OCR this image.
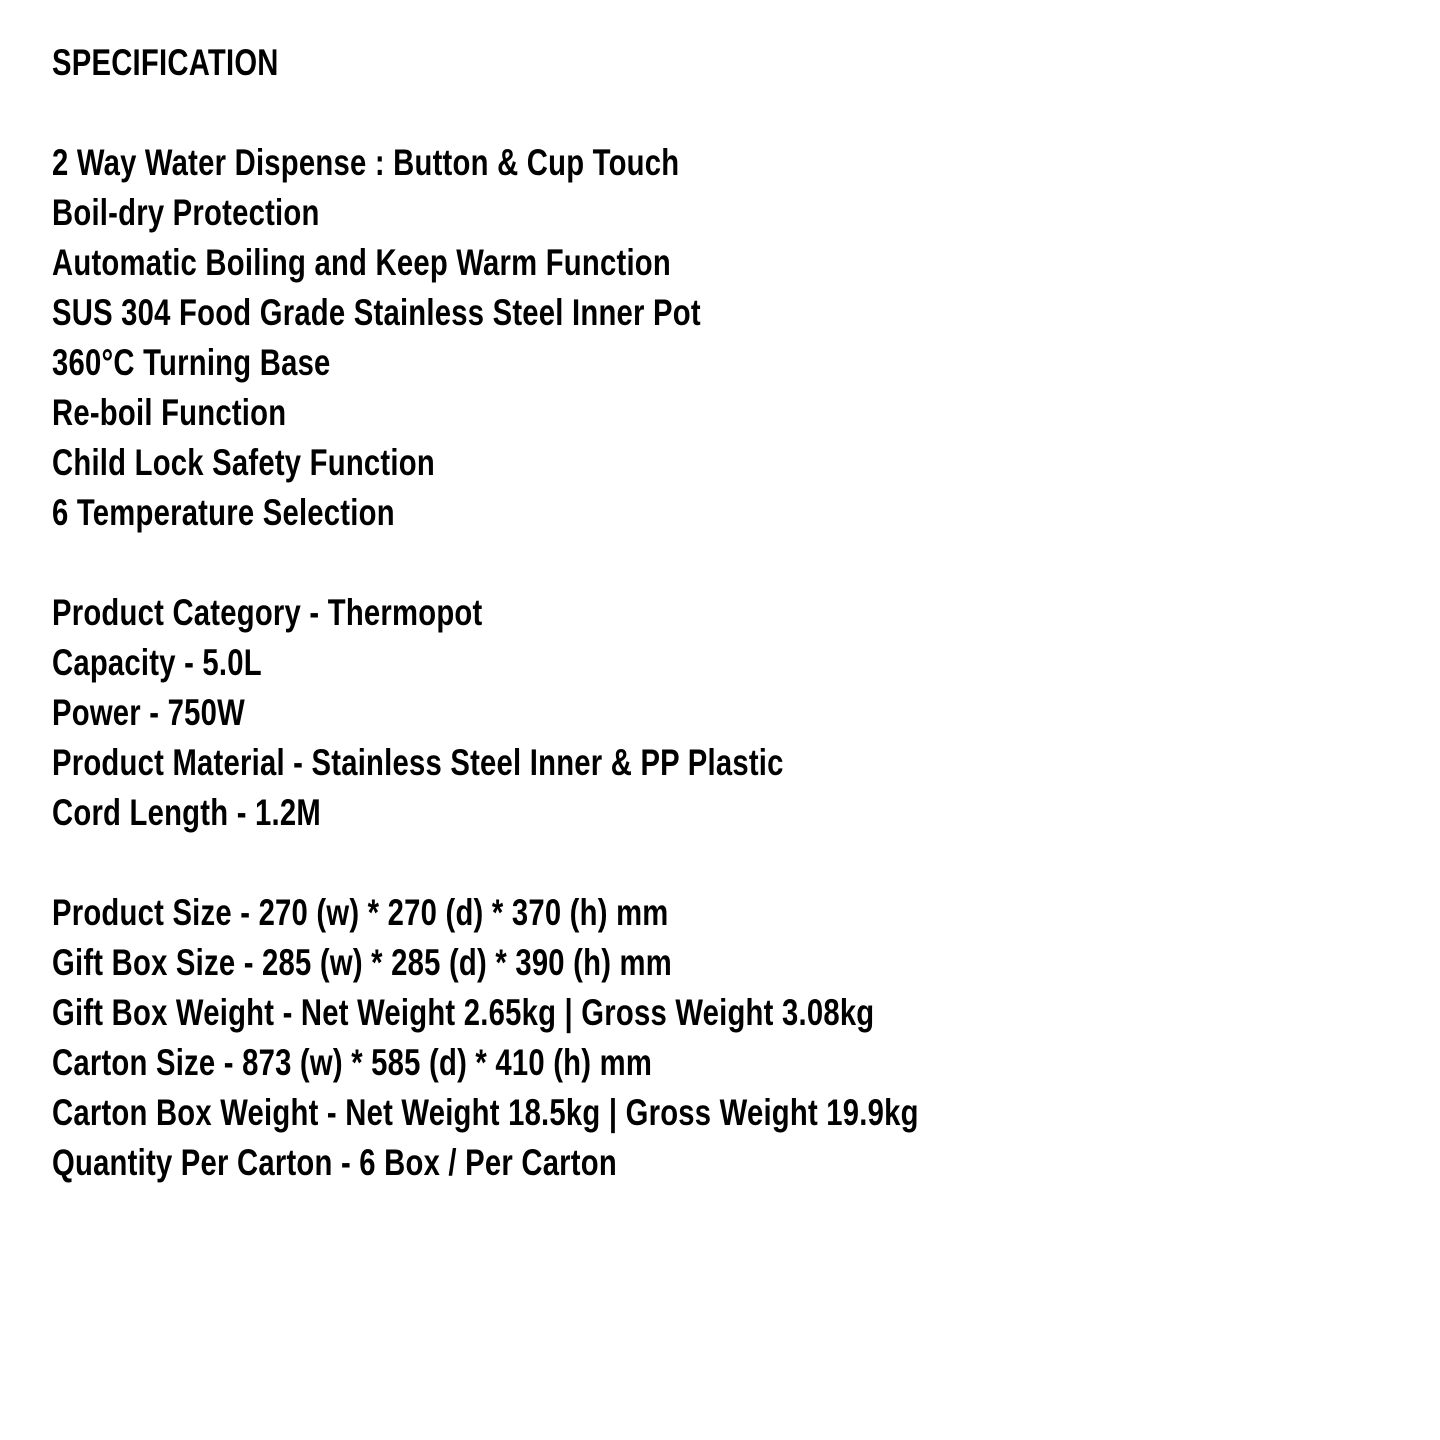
SPECIFICATION
2 Way Water Dispense : Button & Cup Touch
Boil-dry Protection
Automatic Boiling and Keep Warm Function
SUS 304 Food Grade Stainless Steel Inner Pot
360°C Turning Base
Re-boil Function
Child Lock Safety Function
6 Temperature Selection
Product Category - Thermopot
Capacity - 5.0L
Power - 750W
Product Material - Stainless Steel Inner & PP Plastic
Cord Length - 1.2M
Product Size - 270 (w) * 270 (d) * 370 (h) mm
Gift Box Size - 285 (w) * 285 (d) * 390 (h) mm
Gift Box Weight - Net Weight 2.65kg | Gross Weight 3.08kg
Carton Size - 873 (w) * 585 (d) * 410 (h) mm
Carton Box Weight - Net Weight 18.5kg | Gross Weight 19.9kg
Quantity Per Carton - 6 Box / Per Carton
